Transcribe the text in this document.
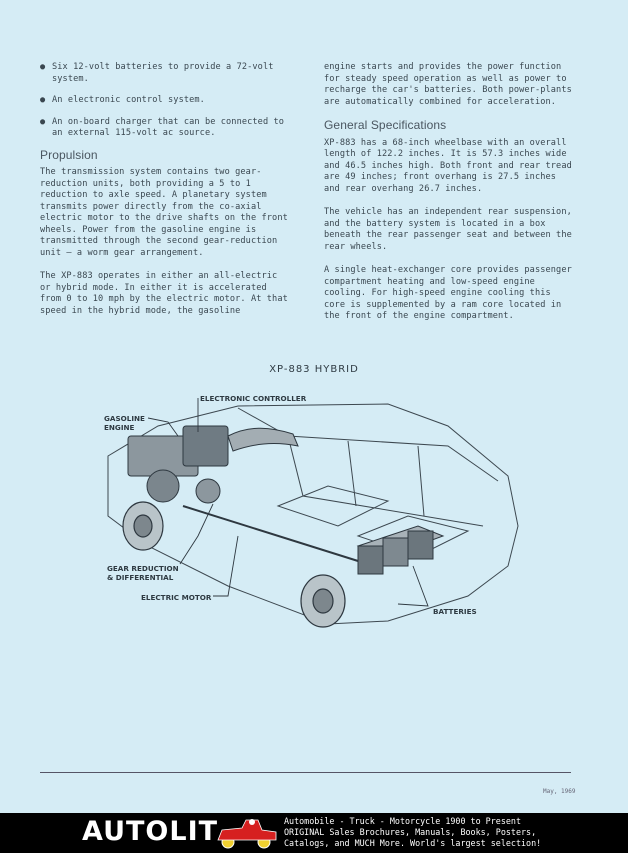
● Six 12-volt batteries to provide a 72-volt system.
● An electronic control system.
● An on-board charger that can be connected to an external 115-volt ac source.
Propulsion

The transmission system contains two gear-reduction units, both providing a 5 to 1 reduction to axle speed. A planetary system transmits power directly from the co-axial electric motor to the drive shafts on the front wheels. Power from the gasoline engine is transmitted through the second gear-reduction unit — a worm gear arrangement.

The XP-883 operates in either an all-electric or hybrid mode. In either it is accelerated from 0 to 10 mph by the electric motor. At that speed in the hybrid mode, the gasoline

engine starts and provides the power function for steady speed operation as well as power to recharge the car's batteries. Both power-plants are automatically combined for acceleration.

General Specifications

XP-883 has a 68-inch wheelbase with an overall length of 122.2 inches. It is 57.3 inches wide and 46.5 inches high. Both front and rear tread are 49 inches; front overhang is 27.5 inches and rear overhang 26.7 inches.

The vehicle has an independent rear suspension, and the battery system is located in a box beneath the rear passenger seat and between the rear wheels.

A single heat-exchanger core provides passenger compartment heating and low-speed engine cooling. For high-speed engine cooling this core is supplemented by a ram core located in the front of the engine compartment.

XP-883 HYBRID
ELECTRONIC CONTROLLER
GASOLINE
ENGINE
GEAR REDUCTION
& DIFFERENTIAL
ELECTRIC MOTOR
BATTERIES
May, 1969
AUTOLIT	Automobile - Truck - Motorcycle 1900 to Present
ORIGINAL Sales Brochures, Manuals, Books, Posters,
Catalogs, and MUCH More. World's largest selection!
